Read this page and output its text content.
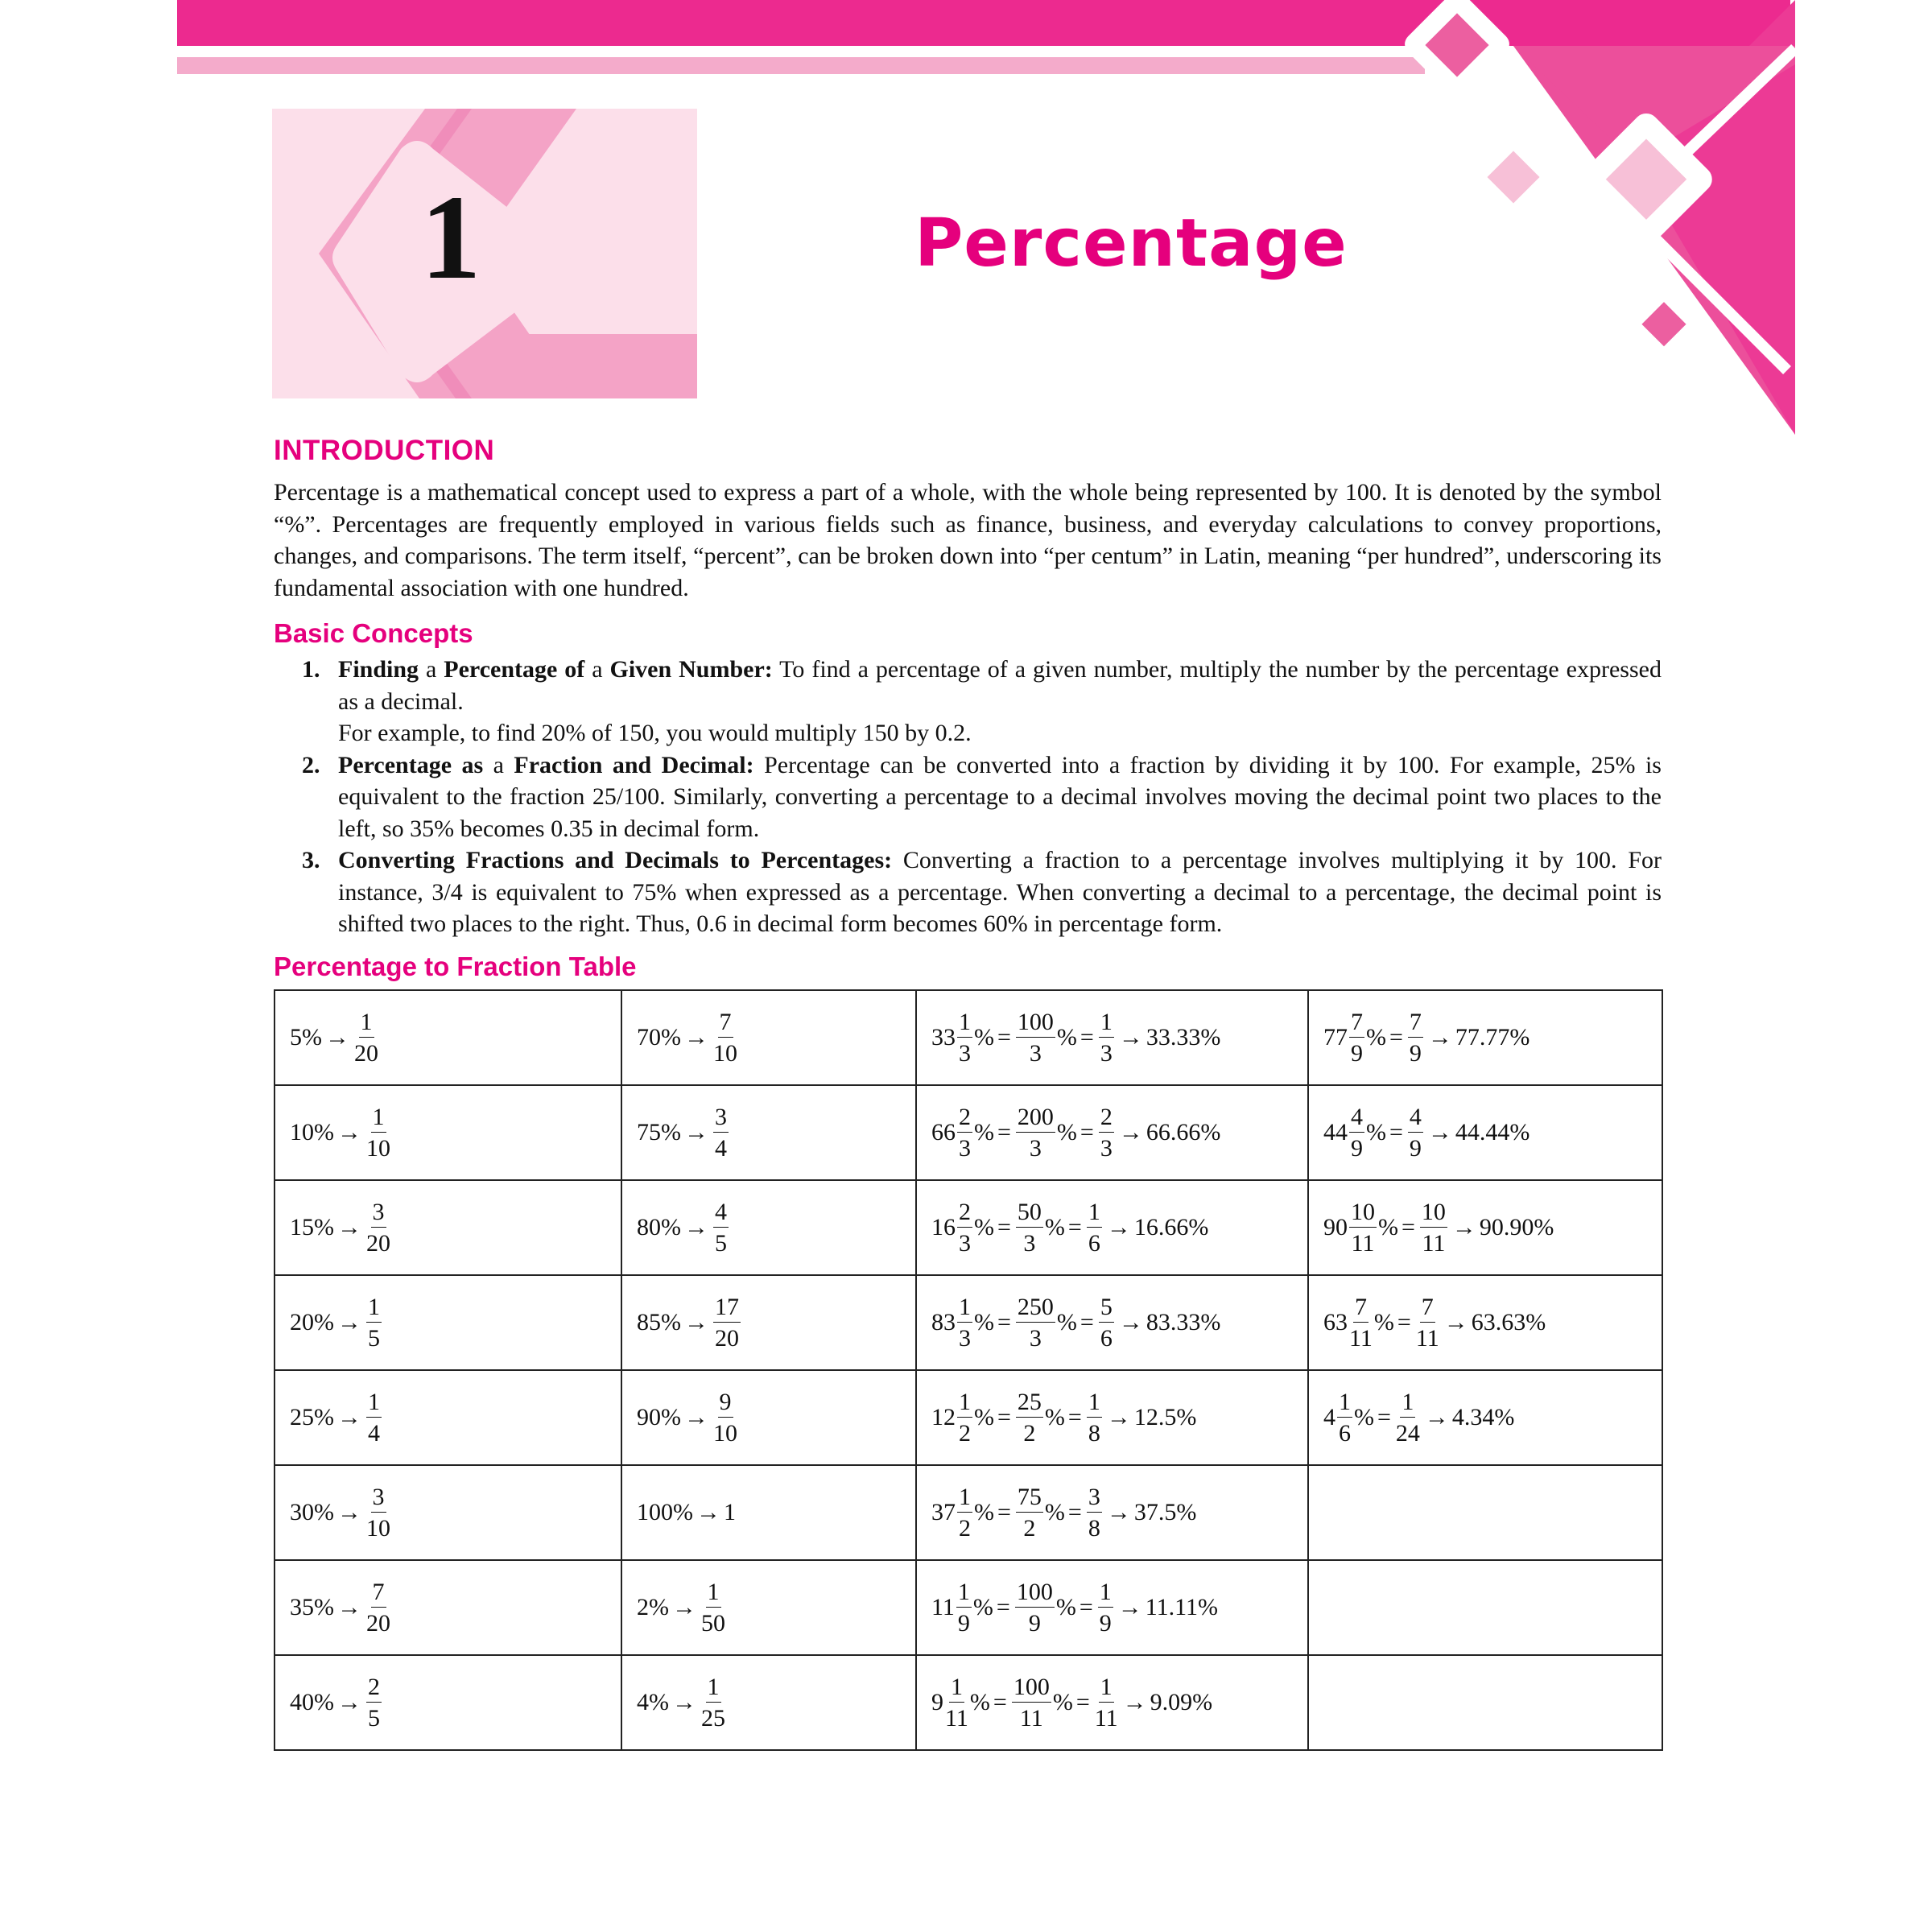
1	Percentage
INTRODUCTION
Percentage is a mathematical concept used to express a part of a whole, with the whole being represented by 100. It is denoted by the symbol “%”. Percentages are frequently employed in various fields such as finance, business, and everyday calculations to convey proportions, changes, and comparisons. The term itself, “percent”, can be broken down into “per centum” in Latin, meaning “per hundred”, underscoring its fundamental association with one hundred.
Basic Concepts
1. Finding a Percentage of a Given Number: To find a percentage of a given number, multiply the number by the percentage expressed as a decimal.
For example, to find 20% of 150, you would multiply 150 by 0.2.
2. Percentage as a Fraction and Decimal: Percentage can be converted into a fraction by dividing it by 100. For example, 25% is equivalent to the fraction 25/100. Similarly, converting a percentage to a decimal involves moving the decimal point two places to the left, so 35% becomes 0.35 in decimal form.
3. Converting Fractions and Decimals to Percentages: Converting a fraction to a percentage involves multiplying it by 100. For instance, 3/4 is equivalent to 75% when expressed as a percentage. When converting a decimal to a percentage, the decimal point is shifted two places to the right. Thus, 0.6 in decimal form becomes 60% in percentage form.
Percentage to Fraction Table
$5\% \to \frac{1}{20}$	$70\% \to \frac{7}{10}$	$33 \frac{1}{3}$ % = $\frac{100}{3}$ % = $\frac{1}{3} \to 33.33\%$	$77 \frac{7}{9}$ % = $\frac{7}{9} \to 77.77\%$

$10\% \to \frac{1}{10}$	$75\% \to \frac{3}{4}$	$66 \frac{2}{3}$ % = $\frac{200}{3}$ % = $\frac{2}{3} \to 66.66\%$	$44 \frac{4}{9}$ % = $\frac{4}{9} \to 44.44\%$

$15\% \to \frac{3}{20}$	$80\% \to \frac{4}{5}$	$16 \frac{2}{3}$ % = $\frac{50}{3}$ % = $\frac{1}{6} \to 16.66\%$	$90 \frac{10}{11}$ % = $\frac{10}{11} \to 90.90\%$

$20\% \to \frac{1}{5}$	$85\% \to \frac{17}{20}$	$83 \frac{1}{3}$ % = $\frac{250}{3}$ % = $\frac{5}{6} \to 83.33\%$	$63 \frac{7}{11}$ % = $\frac{7}{11} \to 63.63\%$

$25\% \to \frac{1}{4}$	$90\% \to \frac{9}{10}$	$12 \frac{1}{2}$ % = $\frac{25}{2}$ % = $\frac{1}{8} \to 12.5\%$	$4 \frac{1}{6}$ % = $\frac{1}{24} \to 4.34\%$

$30\% \to \frac{3}{10}$	100% → 1	$37 \frac{1}{2}$ % = $\frac{75}{2}$ % = $\frac{3}{8} \to 37.5\%$

$35\% \to \frac{7}{20}$	$2\% \to \frac{1}{50}$	$11 \frac{1}{9}$ % = $\frac{100}{9}$ % = $\frac{1}{9} \to 11.11\%$

$40\% \to \frac{2}{5}$	$4\% \to \frac{1}{25}$	$9 \frac{1}{11}$ % = $\frac{100}{11}$ % = $\frac{1}{11} \to 9.09\%$
